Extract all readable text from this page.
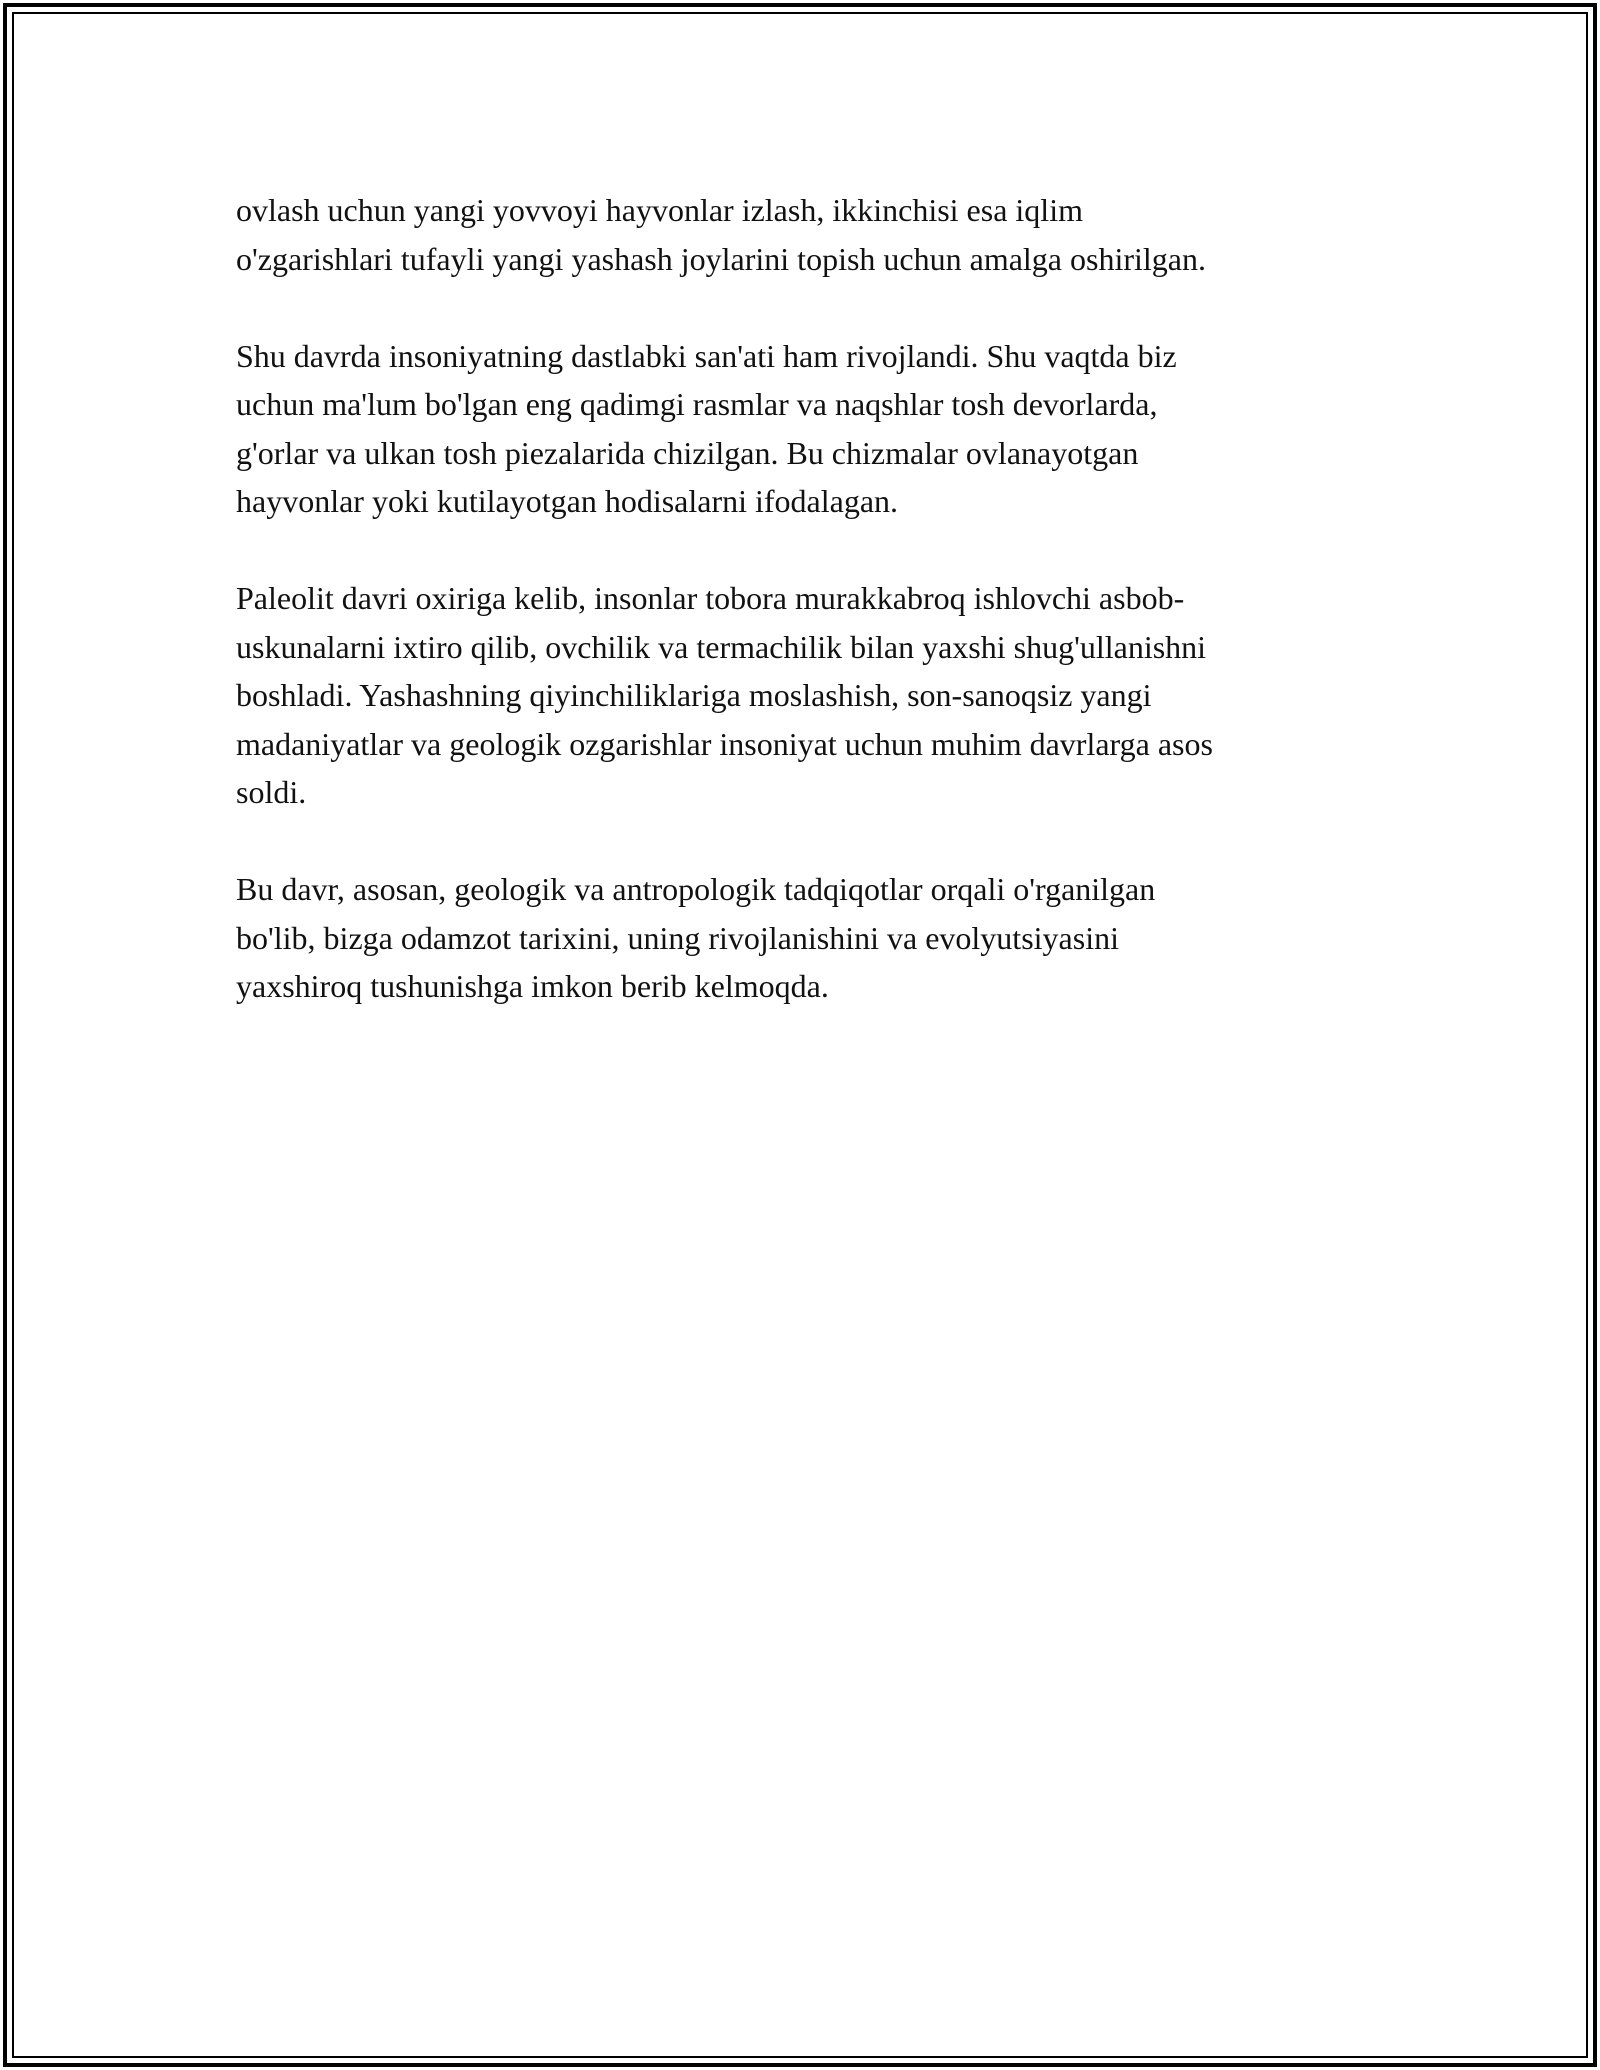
ovlash uchun yangi yovvoyi hayvonlar izlash, ikkinchisi esa iqlim
o'zgarishlari tufayli yangi yashash joylarini topish uchun amalga oshirilgan.

Shu davrda insoniyatning dastlabki san'ati ham rivojlandi. Shu vaqtda biz
uchun ma'lum bo'lgan eng qadimgi rasmlar va naqshlar tosh devorlarda,
g'orlar va ulkan tosh piezalarida chizilgan. Bu chizmalar ovlanayotgan
hayvonlar yoki kutilayotgan hodisalarni ifodalagan.

Paleolit davri oxiriga kelib, insonlar tobora murakkabroq ishlovchi asbob-
uskunalarni ixtiro qilib, ovchilik va termachilik bilan yaxshi shug'ullanishni
boshladi. Yashashning qiyinchiliklariga moslashish, son-sanoqsiz yangi
madaniyatlar va geologik ozgarishlar insoniyat uchun muhim davrlarga asos
soldi.

Bu davr, asosan, geologik va antropologik tadqiqotlar orqali o'rganilgan
bo'lib, bizga odamzot tarixini, uning rivojlanishini va evolyutsiyasini
yaxshiroq tushunishga imkon berib kelmoqda.
